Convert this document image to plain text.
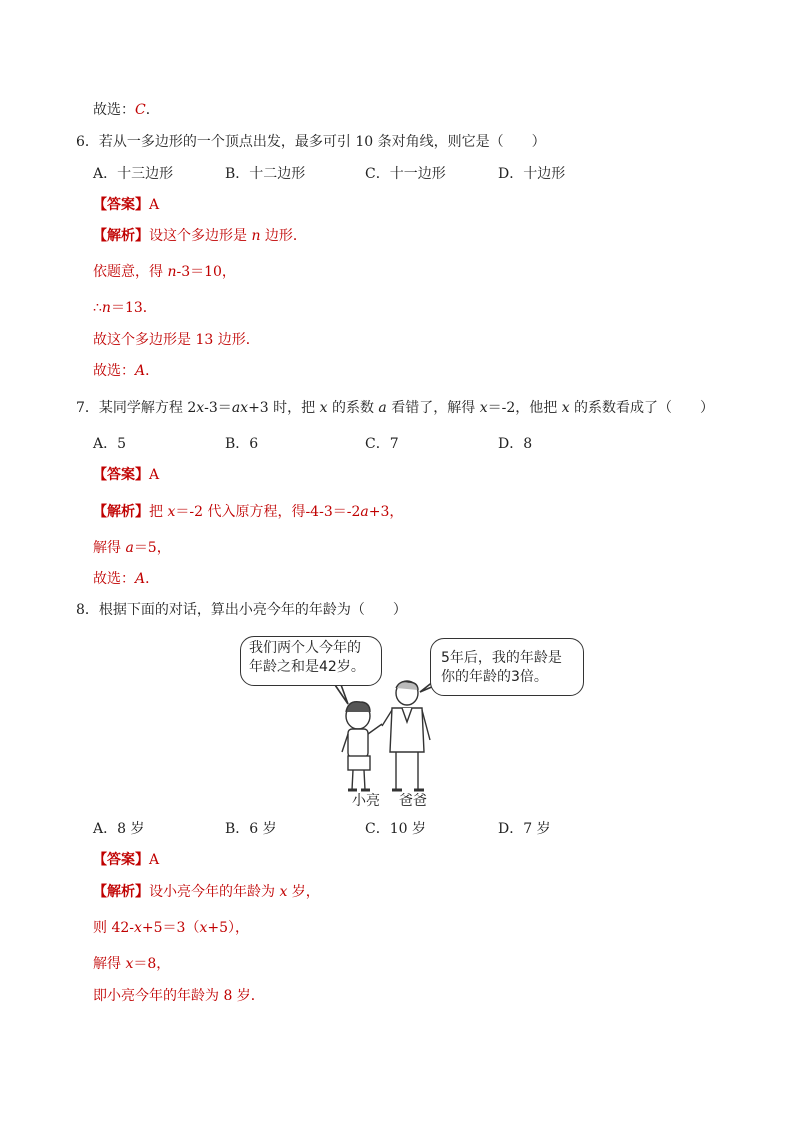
故选：C．
6．若从一多边形的一个顶点出发，最多可引 10 条对角线，则它是（　　）
A．十三边形	B．十二边形	C．十一边形	D．十边形
【答案】A
【解析】设这个多边形是 n 边形．
依题意，得 n-3＝10，
∴n＝13．
故这个多边形是 13 边形．
故选：A．
7．某同学解方程 2x-3＝ax+3 时，把 x 的系数 a 看错了，解得 x＝-2，他把 x 的系数看成了（　　）
A．5	B．6	C．7	D．8
【答案】A
【解析】把 x＝-2 代入原方程，得-4-3＝-2a+3，
解得 a＝5，
故选：A．
8．根据下面的对话，算出小亮今年的年龄为（　　）
我们两个人今年的
年龄之和是42岁。
5年后，我的年龄是
你的年龄的3倍。
小亮 爸爸
A．8 岁	B．6 岁	C．10 岁	D．7 岁
【答案】A
【解析】设小亮今年的年龄为 x 岁，
则 42-x+5＝3（x+5），
解得 x＝8，
即小亮今年的年龄为 8 岁．
